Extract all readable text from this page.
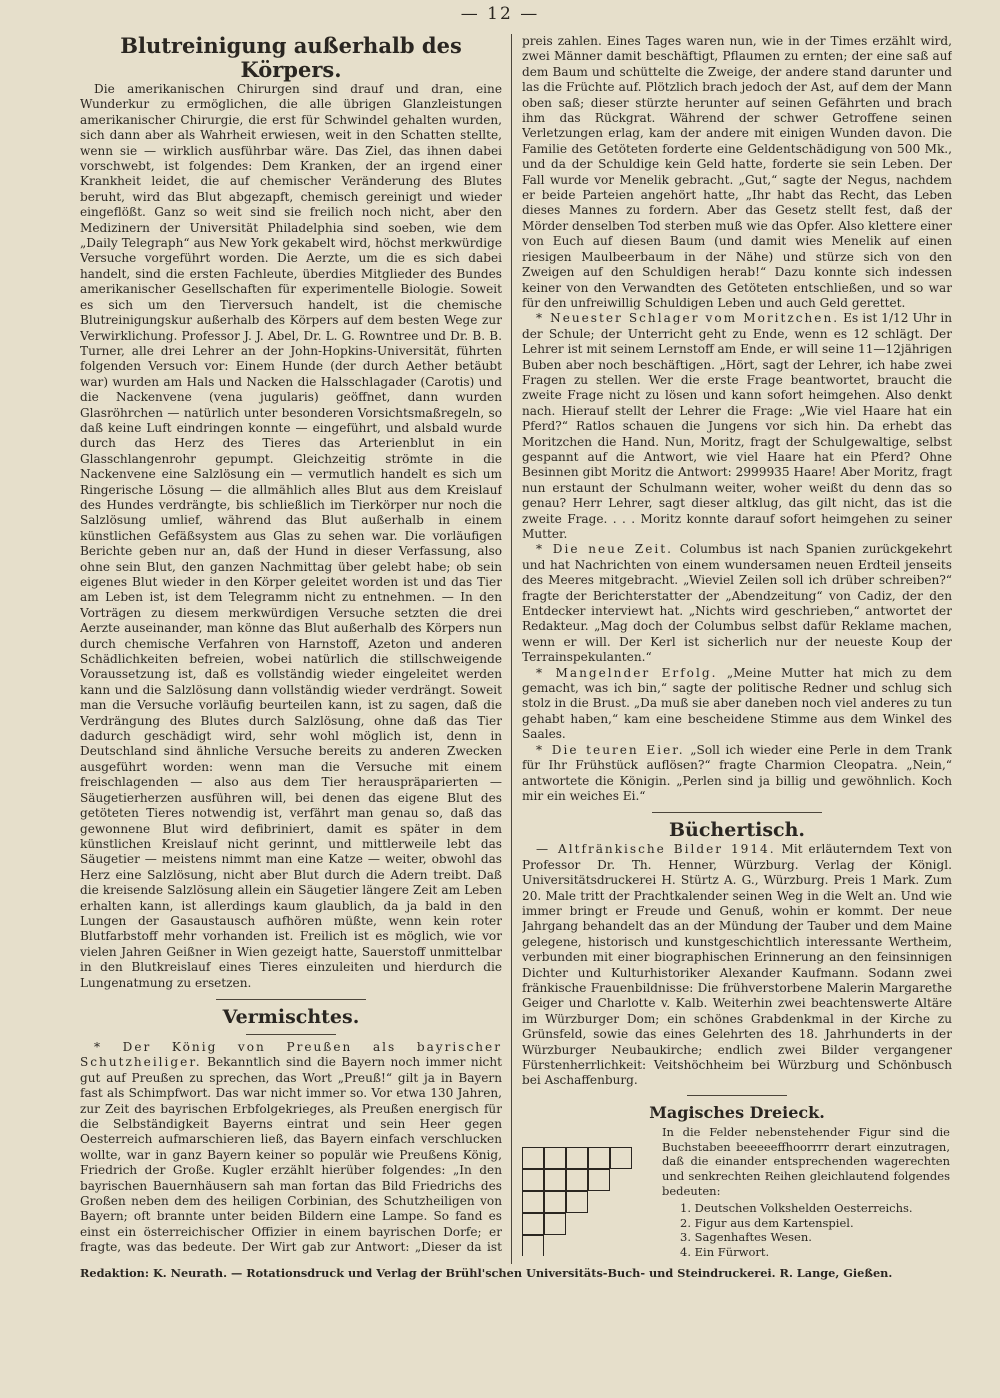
— 12 —
Blutreinigung außerhalb des Körpers.

Die amerikanischen Chirurgen sind drauf und dran, eine Wunderkur zu ermöglichen, die alle übrigen Glanzleistungen amerikanischer Chirurgie, die erst für Schwindel gehalten wurden, sich dann aber als Wahrheit erwiesen, weit in den Schatten stellte, wenn sie — wirklich ausführbar wäre. Das Ziel, das ihnen dabei vorschwebt, ist folgendes: Dem Kranken, der an irgend einer Krankheit leidet, die auf chemischer Veränderung des Blutes beruht, wird das Blut abgezapft, chemisch gereinigt und wieder eingeflößt. Ganz so weit sind sie freilich noch nicht, aber den Medizinern der Universität Philadelphia sind soeben, wie dem „Daily Telegraph“ aus New York gekabelt wird, höchst merkwürdige Versuche vorgeführt worden. Die Aerzte, um die es sich dabei handelt, sind die ersten Fachleute, überdies Mitglieder des Bundes amerikanischer Gesellschaften für experimentelle Biologie. Soweit es sich um den Tierversuch handelt, ist die chemische Blutreinigungskur außerhalb des Körpers auf dem besten Wege zur Verwirklichung. Professor J. J. Abel, Dr. L. G. Rowntree und Dr. B. B. Turner, alle drei Lehrer an der John-Hopkins-Universität, führten folgenden Versuch vor: Einem Hunde (der durch Aether betäubt war) wurden am Hals und Nacken die Halsschlagader (Carotis) und die Nackenvene (vena jugularis) geöffnet, dann wurden Glasröhrchen — natürlich unter besonderen Vorsichtsmaßregeln, so daß keine Luft eindringen konnte — eingeführt, und alsbald wurde durch das Herz des Tieres das Arterienblut in ein Glasschlangenrohr gepumpt. Gleichzeitig strömte in die Nackenvene eine Salzlösung ein — vermutlich handelt es sich um Ringerische Lösung — die allmählich alles Blut aus dem Kreislauf des Hundes verdrängte, bis schließlich im Tierkörper nur noch die Salzlösung umlief, während das Blut außerhalb in einem künstlichen Gefäßsystem aus Glas zu sehen war. Die vorläufigen Berichte geben nur an, daß der Hund in dieser Verfassung, also ohne sein Blut, den ganzen Nachmittag über gelebt habe; ob sein eigenes Blut wieder in den Körper geleitet worden ist und das Tier am Leben ist, ist dem Telegramm nicht zu entnehmen. — In den Vorträgen zu diesem merkwürdigen Versuche setzten die drei Aerzte auseinander, man könne das Blut außerhalb des Körpers nun durch chemische Verfahren von Harnstoff, Azeton und anderen Schädlichkeiten befreien, wobei natürlich die stillschweigende Voraussetzung ist, daß es vollständig wieder eingeleitet werden kann und die Salzlösung dann vollständig wieder verdrängt. Soweit man die Versuche vorläufig beurteilen kann, ist zu sagen, daß die Verdrängung des Blutes durch Salzlösung, ohne daß das Tier dadurch geschädigt wird, sehr wohl möglich ist, denn in Deutschland sind ähnliche Versuche bereits zu anderen Zwecken ausgeführt worden: wenn man die Versuche mit einem freischlagenden — also aus dem Tier herauspräparierten — Säugetierherzen ausführen will, bei denen das eigene Blut des getöteten Tieres notwendig ist, verfährt man genau so, daß das gewonnene Blut wird defibriniert, damit es später in dem künstlichen Kreislauf nicht gerinnt, und mittlerweile lebt das Säugetier — meistens nimmt man eine Katze — weiter, obwohl das Herz eine Salzlösung, nicht aber Blut durch die Adern treibt. Daß die kreisende Salzlösung allein ein Säugetier längere Zeit am Leben erhalten kann, ist allerdings kaum glaublich, da ja bald in den Lungen der Gasaustausch aufhören müßte, wenn kein roter Blutfarbstoff mehr vorhanden ist. Freilich ist es möglich, wie vor vielen Jahren Geißner in Wien gezeigt hatte, Sauerstoff unmittelbar in den Blutkreislauf eines Tieres einzuleiten und hierdurch die Lungenatmung zu ersetzen.

Vermischtes.

* Der König von Preußen als bayrischer Schutzheiliger. Bekanntlich sind die Bayern noch immer nicht gut auf Preußen zu sprechen, das Wort „Preuß!“ gilt ja in Bayern fast als Schimpfwort. Das war nicht immer so. Vor etwa 130 Jahren, zur Zeit des bayrischen Erbfolgekrieges, als Preußen energisch für die Selbständigkeit Bayerns eintrat und sein Heer gegen Oesterreich aufmarschieren ließ, das Bayern einfach verschlucken wollte, war in ganz Bayern keiner so populär wie Preußens König, Friedrich der Große. Kugler erzählt hierüber folgendes: „In den bayrischen Bauernhäusern sah man fortan das Bild Friedrichs des Großen neben dem des heiligen Corbinian, des Schutzheiligen von Bayern; oft brannte unter beiden Bildern eine Lampe. So fand es einst ein österreichischer Offizier in einem bayrischen Dorfe; er fragte, was das bedeute. Der Wirt gab zur Antwort: „Dieser da ist

preis zahlen. Eines Tages waren nun, wie in der Times erzählt wird, zwei Männer damit beschäftigt, Pflaumen zu ernten; der eine saß auf dem Baum und schüttelte die Zweige, der andere stand darunter und las die Früchte auf. Plötzlich brach jedoch der Ast, auf dem der Mann oben saß; dieser stürzte herunter auf seinen Gefährten und brach ihm das Rückgrat. Während der schwer Getroffene seinen Verletzungen erlag, kam der andere mit einigen Wunden davon. Die Familie des Getöteten forderte eine Geldentschädigung von 500 Mk., und da der Schuldige kein Geld hatte, forderte sie sein Leben. Der Fall wurde vor Menelik gebracht. „Gut,“ sagte der Negus, nachdem er beide Parteien angehört hatte, „Ihr habt das Recht, das Leben dieses Mannes zu fordern. Aber das Gesetz stellt fest, daß der Mörder denselben Tod sterben muß wie das Opfer. Also klettere einer von Euch auf diesen Baum (und damit wies Menelik auf einen riesigen Maulbeerbaum in der Nähe) und stürze sich von den Zweigen auf den Schuldigen herab!“ Dazu konnte sich indessen keiner von den Verwandten des Getöteten entschließen, und so war für den unfreiwillig Schuldigen Leben und auch Geld gerettet.

* Neuester Schlager vom Moritzchen. Es ist 1/12 Uhr in der Schule; der Unterricht geht zu Ende, wenn es 12 schlägt. Der Lehrer ist mit seinem Lernstoff am Ende, er will seine 11—12jährigen Buben aber noch beschäftigen. „Hört, sagt der Lehrer, ich habe zwei Fragen zu stellen. Wer die erste Frage beantwortet, braucht die zweite Frage nicht zu lösen und kann sofort heimgehen. Also denkt nach. Hierauf stellt der Lehrer die Frage: „Wie viel Haare hat ein Pferd?“ Ratlos schauen die Jungens vor sich hin. Da erhebt das Moritzchen die Hand. Nun, Moritz, fragt der Schulgewaltige, selbst gespannt auf die Antwort, wie viel Haare hat ein Pferd? Ohne Besinnen gibt Moritz die Antwort: 2999935 Haare! Aber Moritz, fragt nun erstaunt der Schulmann weiter, woher weißt du denn das so genau? Herr Lehrer, sagt dieser altklug, das gilt nicht, das ist die zweite Frage. . . . Moritz konnte darauf sofort heimgehen zu seiner Mutter.

* Die neue Zeit. Columbus ist nach Spanien zurückgekehrt und hat Nachrichten von einem wundersamen neuen Erdteil jenseits des Meeres mitgebracht. „Wieviel Zeilen soll ich drüber schreiben?“ fragte der Berichterstatter der „Abendzeitung“ von Cadiz, der den Entdecker interviewt hat. „Nichts wird geschrieben,“ antwortet der Redakteur. „Mag doch der Columbus selbst dafür Reklame machen, wenn er will. Der Kerl ist sicherlich nur der neueste Koup der Terrainspekulanten.“

* Mangelnder Erfolg. „Meine Mutter hat mich zu dem gemacht, was ich bin,“ sagte der politische Redner und schlug sich stolz in die Brust. „Da muß sie aber daneben noch viel anderes zu tun gehabt haben,“ kam eine bescheidene Stimme aus dem Winkel des Saales.

* Die teuren Eier. „Soll ich wieder eine Perle in dem Trank für Ihr Frühstück auflösen?“ fragte Charmion Cleopatra. „Nein,“ antwortete die Königin. „Perlen sind ja billig und gewöhnlich. Koch mir ein weiches Ei.“

Büchertisch.

— Altfränkische Bilder 1914. Mit erläuterndem Text von Professor Dr. Th. Henner, Würzburg. Verlag der Königl. Universitätsdruckerei H. Stürtz A. G., Würzburg. Preis 1 Mark. Zum 20. Male tritt der Prachtkalender seinen Weg in die Welt an. Und wie immer bringt er Freude und Genuß, wohin er kommt. Der neue Jahrgang behandelt das an der Mündung der Tauber und dem Maine gelegene, historisch und kunstgeschichtlich interessante Wertheim, verbunden mit einer biographischen Erinnerung an den feinsinnigen Dichter und Kulturhistoriker Alexander Kaufmann. Sodann zwei fränkische Frauenbildnisse: Die frühverstorbene Malerin Margarethe Geiger und Charlotte v. Kalb. Weiterhin zwei beachtenswerte Altäre im Würzburger Dom; ein schönes Grabdenkmal in der Kirche zu Grünsfeld, sowie das eines Gelehrten des 18. Jahrhunderts in der Würzburger Neubaukirche; endlich zwei Bilder vergangener Fürstenherrlichkeit: Veitshöchheim bei Würzburg und Schönbusch bei Aschaffenburg.

Magisches Dreieck.

In die Felder nebenstehender Figur sind die Buchstaben beeeeeffhoorrrr derart einzutragen, daß die einander entsprechenden wagerechten und senkrechten Reihen gleichlautend folgendes bedeuten:

1. Deutschen Volkshelden Oesterreichs.
2. Figur aus dem Kartenspiel.
3. Sagenhaftes Wesen.
4. Ein Fürwort.
Redaktion: K. Neurath. — Rotationsdruck und Verlag der Brühl'schen Universitäts-Buch- und Steindruckerei. R. Lange, Gießen.
